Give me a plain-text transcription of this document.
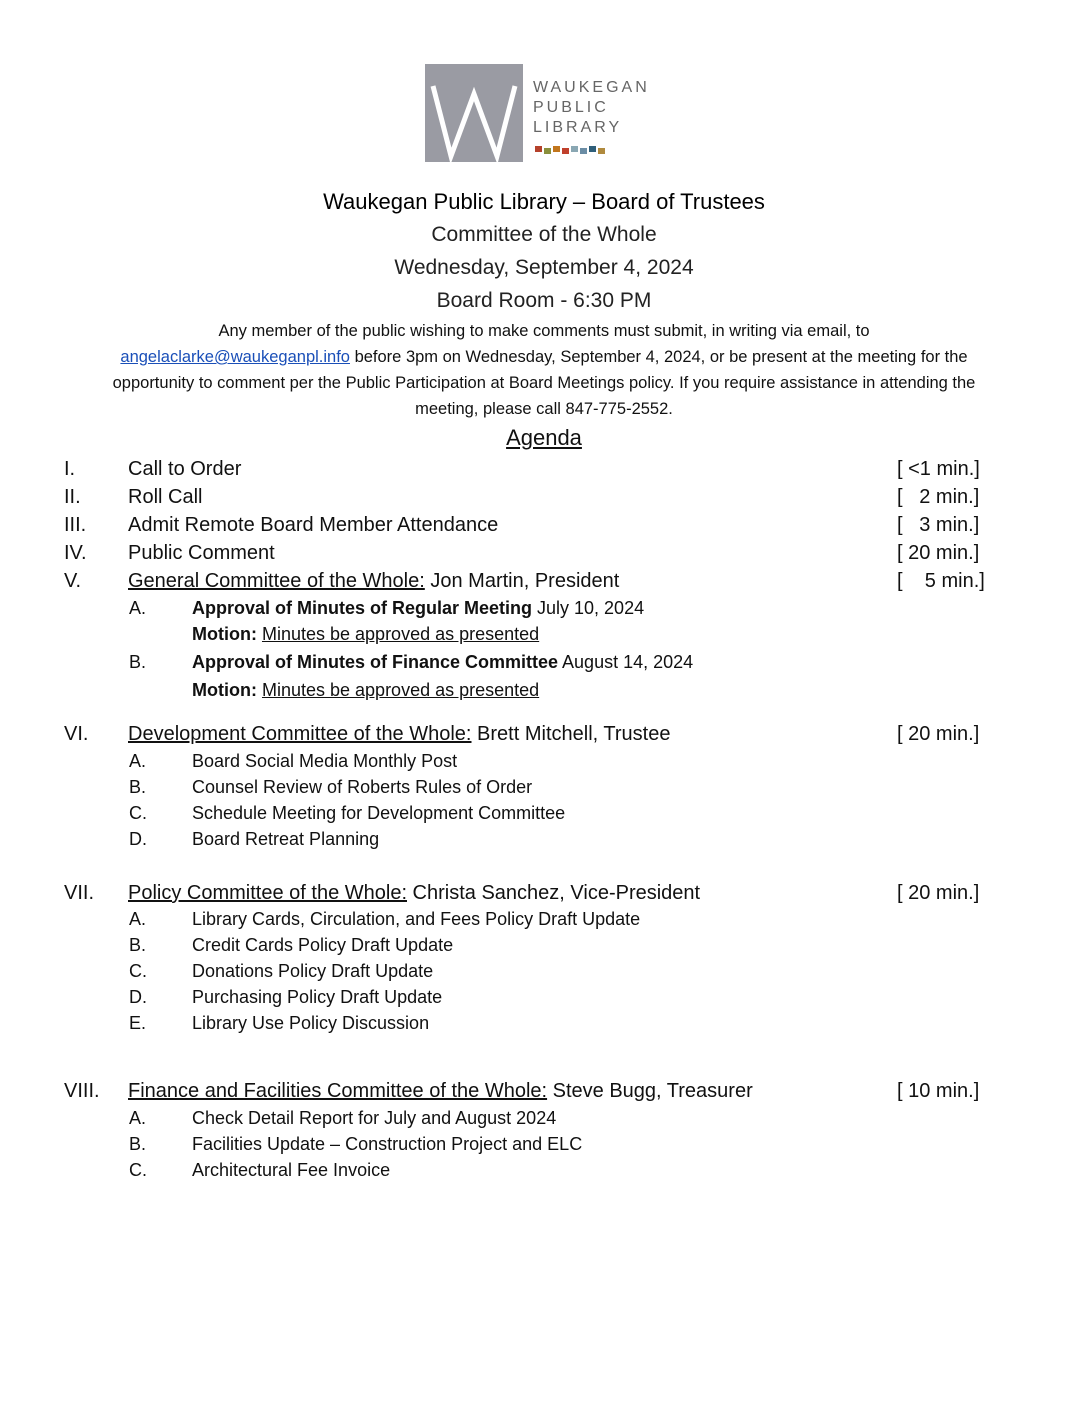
WAUKEGAN
PUBLIC
LIBRARY
Waukegan Public Library – Board of Trustees
Committee of the Whole
Wednesday, September 4, 2024
Board Room - 6:30 PM
Any member of the public wishing to make comments must submit, in writing via email, to
angelaclarke@waukeganpl.info before 3pm on Wednesday, September 4, 2024, or be present at the meeting for the
opportunity to comment per the Public Participation at Board Meetings policy. If you require assistance in attending the
meeting, please call 847-775-2552.
Agenda
I.	Call to Order	[ <1 min.]
II. Roll Call	[   2 min.]
III. Admit Remote Board Member Attendance	[   3 min.]
IV. Public Comment	[ 20 min.]
V. General Committee of the Whole: Jon Martin, President	[    5 min.]
A.	Approval of Minutes of Regular Meeting July 10, 2024
Motion: Minutes be approved as presented
B.	Approval of Minutes of Finance Committee August 14, 2024
Motion: Minutes be approved as presented
VI. Development Committee of the Whole: Brett Mitchell, Trustee	[ 20 min.]
A.	Board Social Media Monthly Post
B.	Counsel Review of Roberts Rules of Order
C.	Schedule Meeting for Development Committee
D.	Board Retreat Planning
VII. Policy Committee of the Whole: Christa Sanchez, Vice-President	[ 20 min.]
A.	Library Cards, Circulation, and Fees Policy Draft Update
B.	Credit Cards Policy Draft Update
C.	Donations Policy Draft Update
D.	Purchasing Policy Draft Update
E.	Library Use Policy Discussion
VIII. Finance and Facilities Committee of the Whole: Steve Bugg, Treasurer	[ 10 min.]
A.	Check Detail Report for July and August 2024
B.	Facilities Update – Construction Project and ELC
C.	Architectural Fee Invoice
